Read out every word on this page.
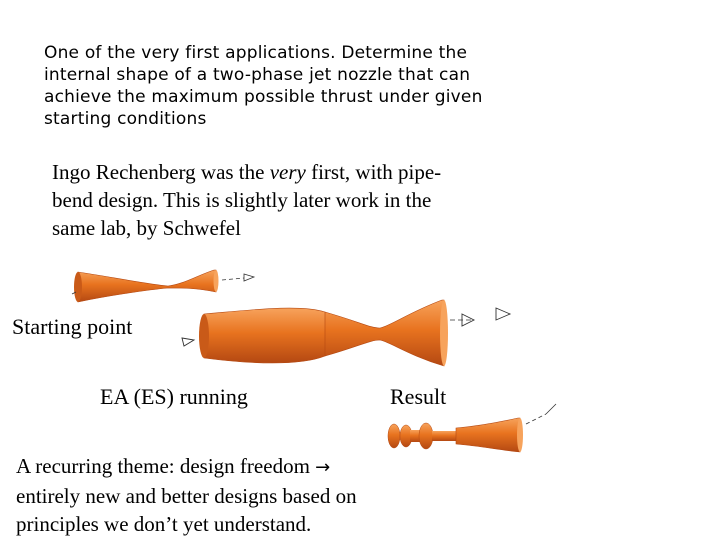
One of the very first applications. Determine the
internal shape of a two-phase jet nozzle that can
achieve the maximum possible thrust under given
starting conditions
Ingo Rechenberg was the very first, with pipe-
bend design. This is slightly later work in the
same lab, by Schwefel
Starting point
EA (ES) running	Result
A recurring theme: design freedom →
entirely new and better designs based on
principles we don’t yet understand.
